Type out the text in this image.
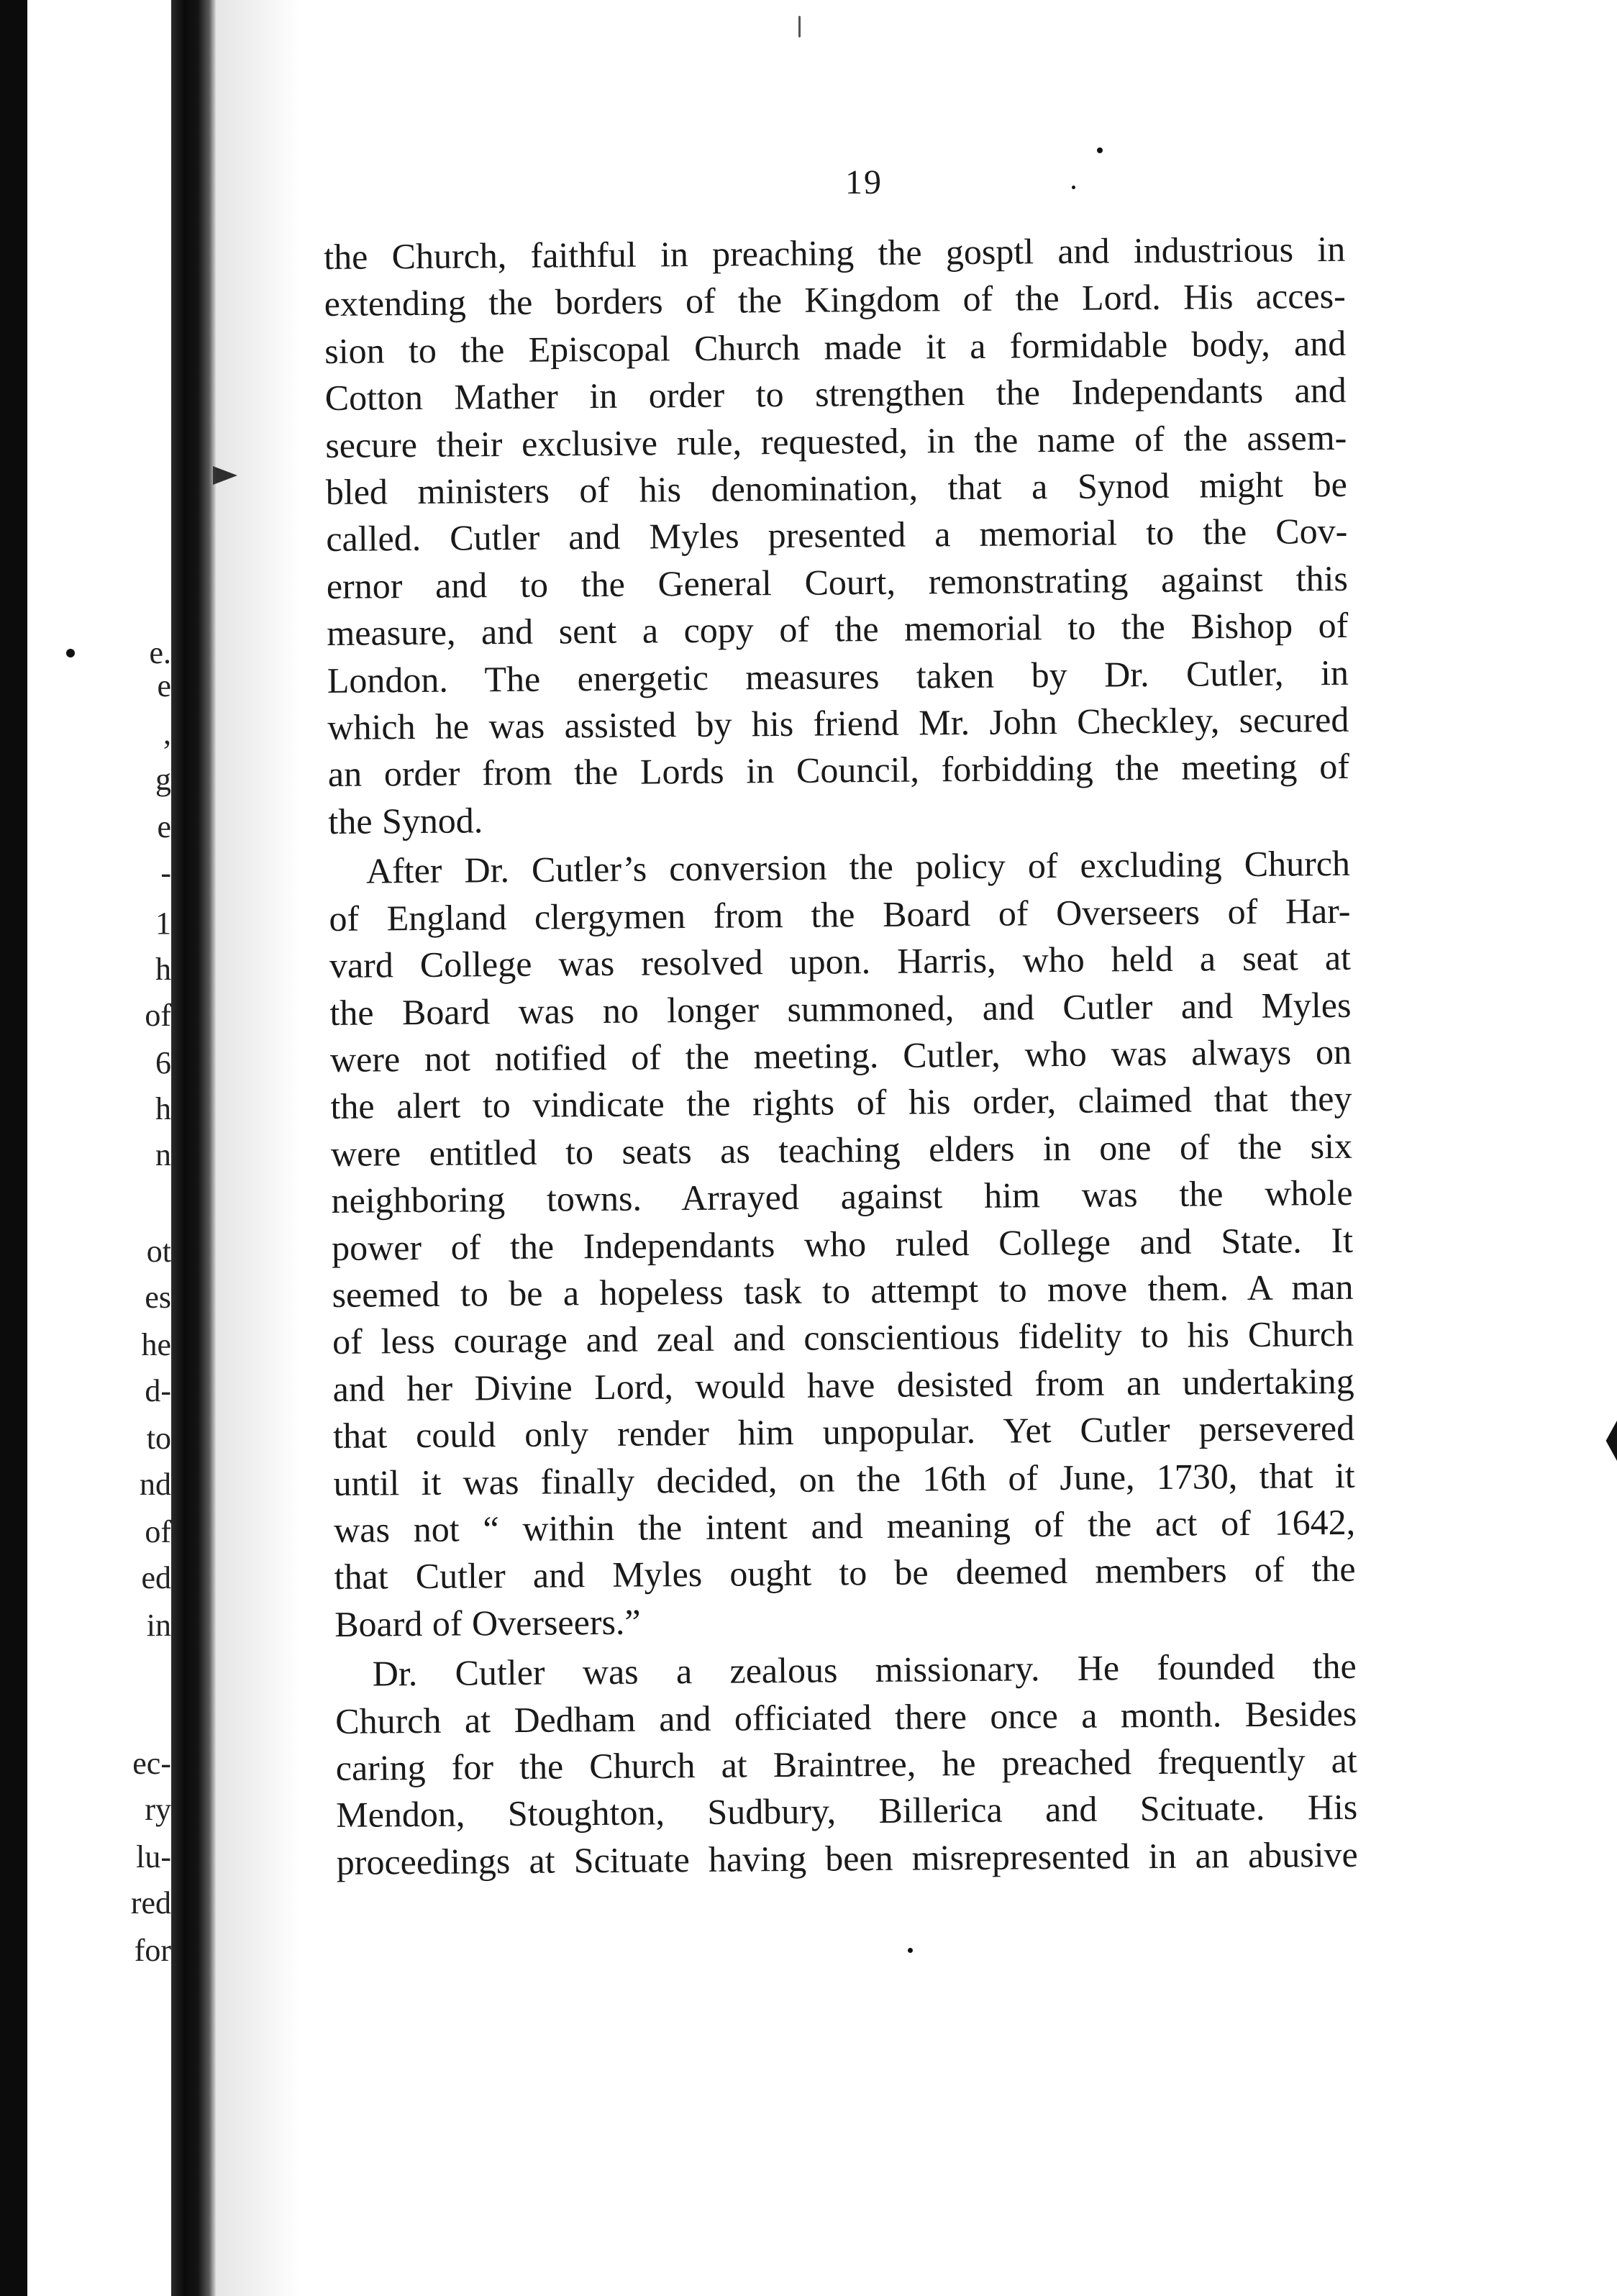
e.
e
,
g
e
-
1
h
of
6
h
n
ot
es
he
d-
to
nd
of
ed
in
ec-
ry
lu-
red
for
19

the Church, faithful in preaching the gosptl and industrious in
extending the borders of the Kingdom of the Lord. His acces-
sion to the Episcopal Church made it a formidable body, and
Cotton Mather in order to strengthen the Independants and
secure their exclusive rule, requested, in the name of the assem-
bled ministers of his denomination, that a Synod might be
called. Cutler and Myles presented a memorial to the Cov-
ernor and to the General Court, remonstrating against this
measure, and sent a copy of the memorial to the Bishop of
London. The energetic measures taken by Dr. Cutler, in
which he was assisted by his friend Mr. John Checkley, secured
an order from the Lords in Council, forbidding the meeting of
the Synod.

After Dr. Cutler’s conversion the policy of excluding Church
of England clergymen from the Board of Overseers of Har-
vard College was resolved upon. Harris, who held a seat at
the Board was no longer summoned, and Cutler and Myles
were not notified of the meeting. Cutler, who was always on
the alert to vindicate the rights of his order, claimed that they
were entitled to seats as teaching elders in one of the six
neighboring towns. Arrayed against him was the whole
power of the Independants who ruled College and State. It
seemed to be a hopeless task to attempt to move them. A man
of less courage and zeal and conscientious fidelity to his Church
and her Divine Lord, would have desisted from an undertaking
that could only render him unpopular. Yet Cutler persevered
until it was finally decided, on the 16th of June, 1730, that it
was not “ within the intent and meaning of the act of 1642,
that Cutler and Myles ought to be deemed members of the
Board of Overseers.”

Dr. Cutler was a zealous missionary. He founded the
Church at Dedham and officiated there once a month. Besides
caring for the Church at Braintree, he preached frequently at
Mendon, Stoughton, Sudbury, Billerica and Scituate. His
proceedings at Scituate having been misrepresented in an abusive
